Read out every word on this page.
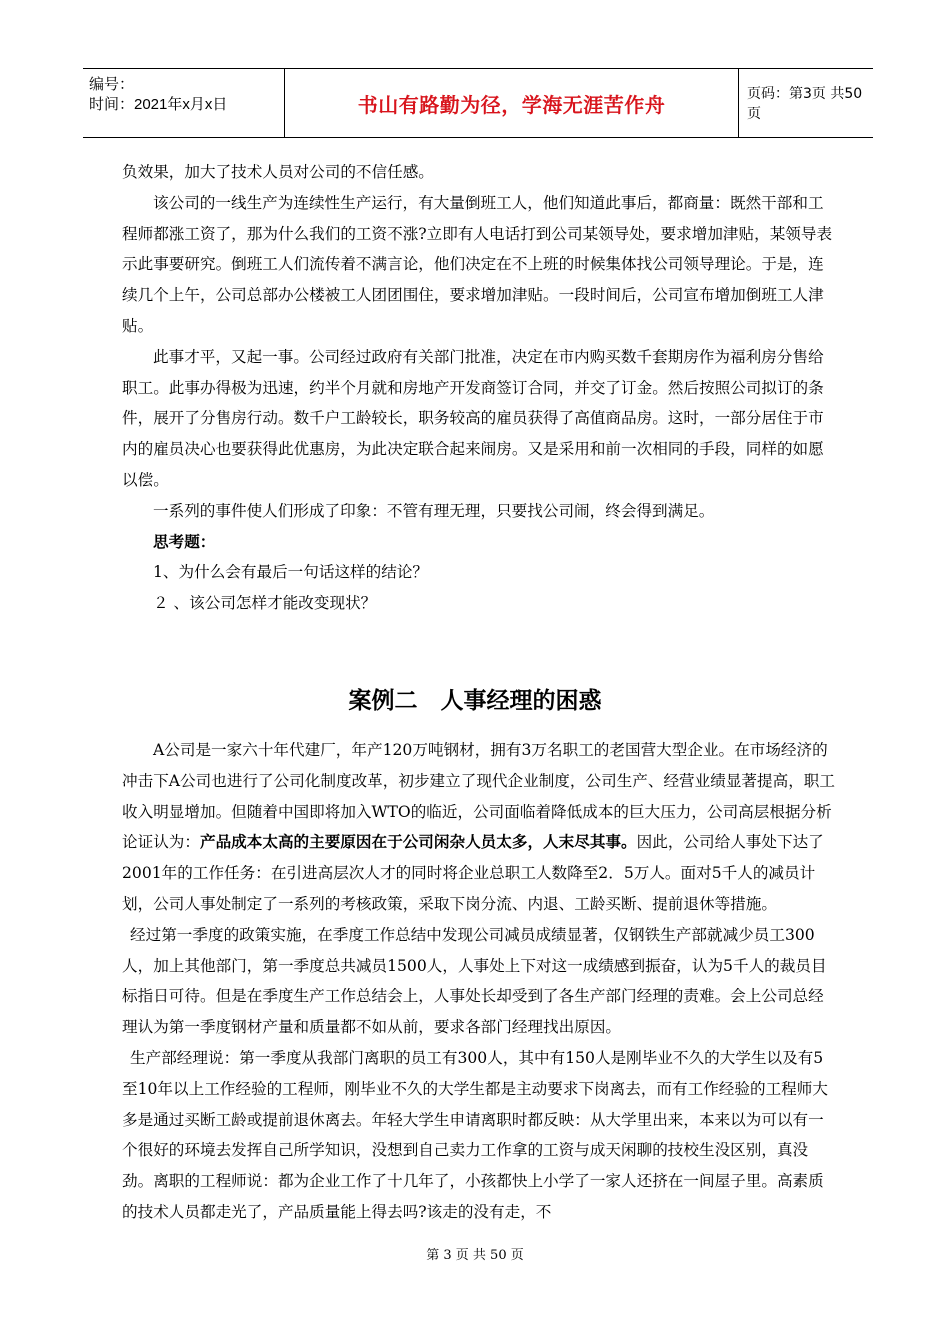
编号：
时间：2021年x月x日	书山有路勤为径，学海无涯苦作舟	页码：第3页 共50页

负效果，加大了技术人员对公司的不信任感。

该公司的一线生产为连续性生产运行，有大量倒班工人，他们知道此事后，都商量：既然干部和工程师都涨工资了，那为什么我们的工资不涨?立即有人电话打到公司某领导处，要求增加津贴，某领导表示此事要研究。倒班工人们流传着不满言论，他们决定在不上班的时候集体找公司领导理论。于是，连续几个上午，公司总部办公楼被工人团团围住，要求增加津贴。一段时间后，公司宣布增加倒班工人津贴。

此事才平，又起一事。公司经过政府有关部门批准，决定在市内购买数千套期房作为福利房分售给职工。此事办得极为迅速，约半个月就和房地产开发商签订合同，并交了订金。然后按照公司拟订的条件，展开了分售房行动。数千户工龄较长，职务较高的雇员获得了高值商品房。这时，一部分居住于市内的雇员决心也要获得此优惠房，为此决定联合起来闹房。又是采用和前一次相同的手段，同样的如愿以偿。

一系列的事件使人们形成了印象：不管有理无理，只要找公司闹，终会得到满足。

思考题：

1、为什么会有最后一句话这样的结论？

２ 、该公司怎样才能改变现状？

案例二　人事经理的困惑

A公司是一家六十年代建厂，年产120万吨钢材，拥有3万名职工的老国营大型企业。在市场经济的冲击下A公司也进行了公司化制度改革，初步建立了现代企业制度，公司生产、经营业绩显著提高，职工收入明显增加。但随着中国即将加入WTO的临近，公司面临着降低成本的巨大压力，公司高层根据分析论证认为：产品成本太高的主要原因在于公司闲杂人员太多，人末尽其事。因此，公司给人事处下达了2001年的工作任务：在引进高层次人才的同时将企业总职工人数降至2．5万人。面对5千人的减员计划，公司人事处制定了一系列的考核政策，采取下岗分流、内退、工龄买断、提前退休等措施。

经过第一季度的政策实施，在季度工作总结中发现公司减员成绩显著，仅钢铁生产部就减少员工300人，加上其他部门，第一季度总共减员1500人，人事处上下对这一成绩感到振奋，认为5千人的裁员目标指日可待。但是在季度生产工作总结会上，人事处长却受到了各生产部门经理的责难。会上公司总经理认为第一季度钢材产量和质量都不如从前，要求各部门经理找出原因。

生产部经理说：第一季度从我部门离职的员工有300人，其中有150人是刚毕业不久的大学生以及有5至10年以上工作经验的工程师，刚毕业不久的大学生都是主动要求下岗离去，而有工作经验的工程师大多是通过买断工龄或提前退休离去。年轻大学生申请离职时都反映：从大学里出来，本来以为可以有一个很好的环境去发挥自己所学知识，没想到自己卖力工作拿的工资与成天闲聊的技校生没区别，真没劲。离职的工程师说：都为企业工作了十几年了，小孩都快上小学了一家人还挤在一间屋子里。高素质的技术人员都走光了，产品质量能上得去吗?该走的没有走，不

第 3 页 共 50 页
